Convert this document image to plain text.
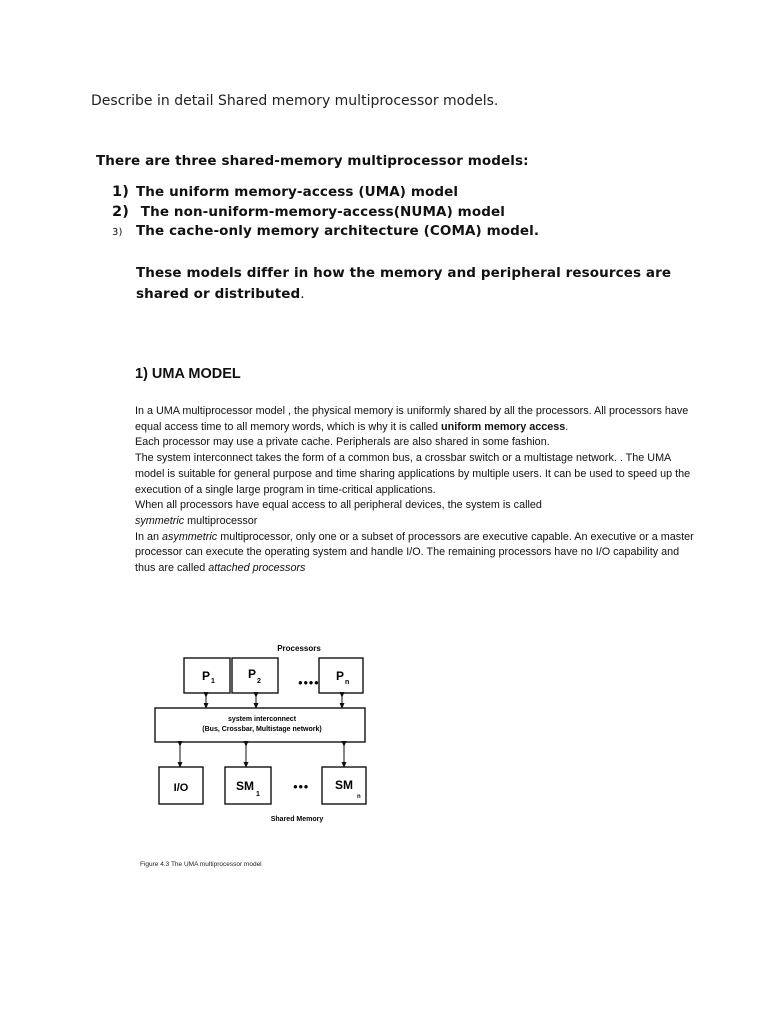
Describe in detail Shared memory multiprocessor models.
There are three shared-memory multiprocessor models:
1) The uniform memory-access (UMA) model
2) The non-uniform-memory-access(NUMA) model
3) The cache-only memory architecture (COMA) model.
These models differ in how the memory and peripheral resources are shared or distributed.
1) UMA MODEL

In a UMA multiprocessor model , the physical memory is uniformly shared by all the processors. All processors have equal access time to all memory words, which is why it is called uniform memory access.

Each processor may use a private cache. Peripherals are also shared in some fashion.

The system interconnect takes the form of a common bus, a crossbar switch or a multistage network. . The UMA model is suitable for general purpose and time sharing applications by multiple users. It can be used to speed up the execution of a single large program in time-critical applications.

When all processors have equal access to all peripheral devices, the system is called

symmetric multiprocessor

In an asymmetric multiprocessor, only one or a subset of processors are executive capable. An executive or a master processor can execute the operating system and handle I/O. The remaining processors have no I/O capability and thus are called attached processors

Processors
P 1
P
2	●●●● P n
system interconnect
(Bus, Crossbar, Multistage network)
I/O	SM
1
●●● SM
n
Shared Memory
Figure 4.3 The UMA multiprocessor model
